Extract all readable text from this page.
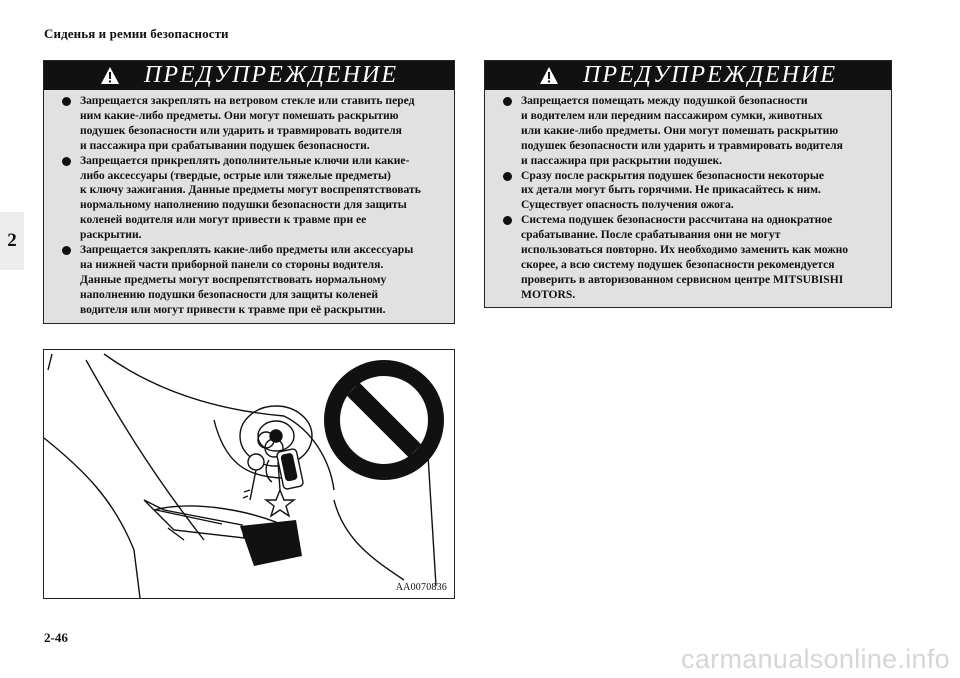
Сиденья и ремни безопасности
2
ПРЕДУПРЕЖДЕНИЕ
Запрещается закреплять на ветровом стекле или ставить перед
ним какие-либо предметы. Они могут помешать раскрытию
подушек безопасности или ударить и травмировать водителя
и пассажира при срабатывании подушек безопасности.
Запрещается прикреплять дополнительные ключи или какие-
либо аксессуары (твердые, острые или тяжелые предметы)
к ключу зажигания. Данные предметы могут воспрепятствовать
нормальному наполнению подушки безопасности для защиты
коленей водителя или могут привести к травме при ее
раскрытии.
Запрещается закреплять какие-либо предметы или аксессуары
на нижней части приборной панели со стороны водителя.
Данные предметы могут воспрепятствовать нормальному
наполнению подушки безопасности для защиты коленей
водителя или могут привести к травме при её раскрытии.
ПРЕДУПРЕЖДЕНИЕ
Запрещается помещать между подушкой безопасности
и водителем или передним пассажиром сумки, животных
или какие-либо предметы. Они могут помешать раскрытию
подушек безопасности или ударить и травмировать водителя
и пассажира при раскрытии подушек.
Сразу после раскрытия подушек безопасности некоторые
их детали могут быть горячими. Не прикасайтесь к ним.
Существует опасность получения ожога.
Система подушек безопасности рассчитана на однократное
срабатывание. После срабатывания они не могут
использоваться повторно. Их необходимо заменить как можно
скорее, а всю систему подушек безопасности рекомендуется
проверить в авторизованном сервисном центре MITSUBISHI
MOTORS.
AA0070836
2-46
carmanualsonline.info
